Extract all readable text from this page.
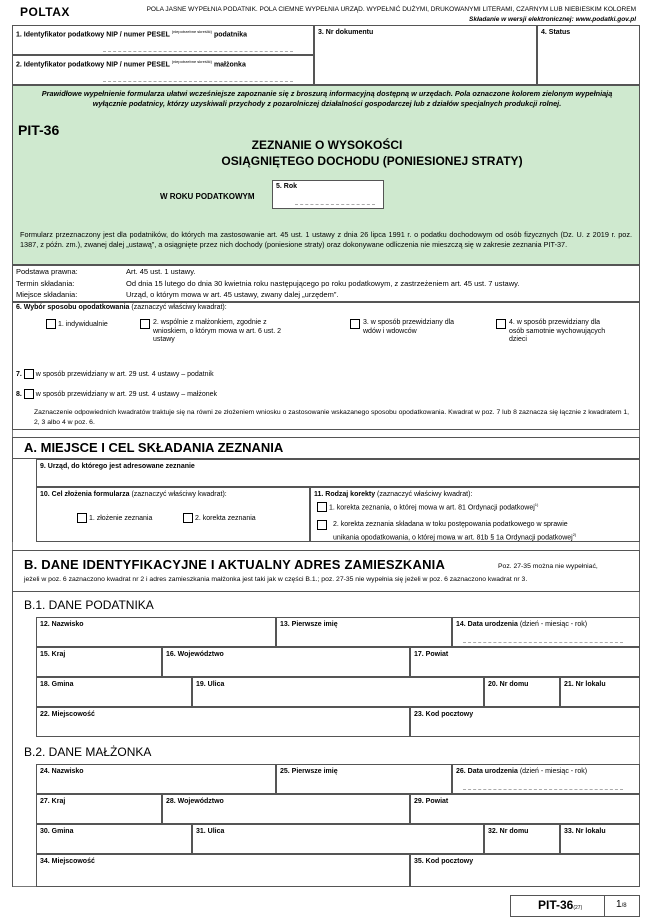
POLTAX	POLA JASNE WYPEŁNIA PODATNIK. POLA CIEMNE WYPEŁNIA URZĄD. WYPEŁNIĆ DUŻYMI, DRUKOWANYMI LITERAMI, CZARNYM LUB NIEBIESKIM KOLOREM
Składanie w wersji elektronicznej: www.podatki.gov.pl
1. Identyfikator podatkowy NIP / numer PESEL $^{(niepotrzebne skreślić)}$ podatnika
2. Identyfikator podatkowy NIP / numer PESEL $^{(niepotrzebne skreślić)}$ małżonka
3. Nr dokumentu	4. Status
Prawidłowe wypełnienie formularza ułatwi wcześniejsze zapoznanie się z broszurą informacyjną dostępną w urzędach. Pola oznaczone kolorem zielonym wypełniają wyłącznie podatnicy, którzy uzyskiwali przychody z pozarolniczej działalności gospodarczej lub z działów specjalnych produkcji rolnej.
PIT-36
ZEZNANIE O WYSOKOŚCI
OSIĄGNIĘTEGO DOCHODU (PONIESIONEJ STRATY)
W ROKU PODATKOWYM
5. Rok
Formularz przeznaczony jest dla podatników, do których ma zastosowanie art. 45 ust. 1 ustawy z dnia 26 lipca 1991 r. o podatku dochodowym od osób fizycznych (Dz. U. z 2019 r. poz. 1387, z późn. zm.), zwanej dalej „ustawą”, a osiągnięte przez nich dochody (poniesione straty) oraz dokonywane odliczenia nie mieszczą się w zakresie zeznania PIT-37.
Podstawa prawna:	Art. 45 ust. 1 ustawy.
Termin składania:	Od dnia 15 lutego do dnia 30 kwietnia roku następującego po roku podatkowym, z zastrzeżeniem art. 45 ust. 7 ustawy.
Miejsce składania:	Urząd, o którym mowa w art. 45 ustawy, zwany dalej „urzędem”.
6. Wybór sposobu opodatkowania (zaznaczyć właściwy kwadrat):
1. indywidualnie	2. wspólnie z małżonkiem, zgodnie z wnioskiem, o którym mowa w art. 6 ust. 2 ustawy
3. w sposób przewidziany dla wdów i wdowców
4. w sposób przewidziany dla osób samotnie wychowujących dzieci
7. w sposób przewidziany w art. 29 ust. 4 ustawy – podatnik
8. w sposób przewidziany w art. 29 ust. 4 ustawy – małżonek
Zaznaczenie odpowiednich kwadratów traktuje się na równi ze złożeniem wniosku o zastosowanie wskazanego sposobu opodatkowania. Kwadrat w poz. 7 lub 8 zaznacza się łącznie z kwadratem 1, 2, 3 albo 4 w poz. 6.
A. MIEJSCE I CEL SKŁADANIA ZEZNANIA
9. Urząd, do którego jest adresowane zeznanie
10. Cel złożenia formularza (zaznaczyć właściwy kwadrat):
1. złożenie zeznania	2. korekta zeznania
11. Rodzaj korekty (zaznaczyć właściwy kwadrat):
1. korekta zeznania, o której mowa w art. 81 Ordynacji podatkowej$^{1)}$
2. korekta zeznania składana w toku postępowania podatkowego w sprawie
unikania opodatkowania, o której mowa w art. 81b § 1a Ordynacji podatkowej$^{2)}$
B. DANE IDENTYFIKACYJNE I AKTUALNY ADRES ZAMIESZKANIA	Poz. 27-35 można nie wypełniać,
jeżeli w poz. 6 zaznaczono kwadrat nr 2 i adres zamieszkania małżonka jest taki jak w części B.1.; poz. 27-35 nie wypełnia się jeżeli w poz. 6 zaznaczono kwadrat nr 3.
B.1. DANE PODATNIKA
12. Nazwisko	13. Pierwsze imię	14. Data urodzenia (dzień - miesiąc - rok)
15. Kraj	16. Województwo	17. Powiat
18. Gmina	19. Ulica	20. Nr domu	21. Nr lokalu
22. Miejscowość	23. Kod pocztowy
B.2. DANE MAŁŻONKA
24. Nazwisko	25. Pierwsze imię	26. Data urodzenia (dzień - miesiąc - rok)
27. Kraj	28. Województwo	29. Powiat
30. Gmina	31. Ulica	32. Nr domu	33. Nr lokalu
34. Miejscowość	35. Kod pocztowy
PIT-36(27)	1/8
